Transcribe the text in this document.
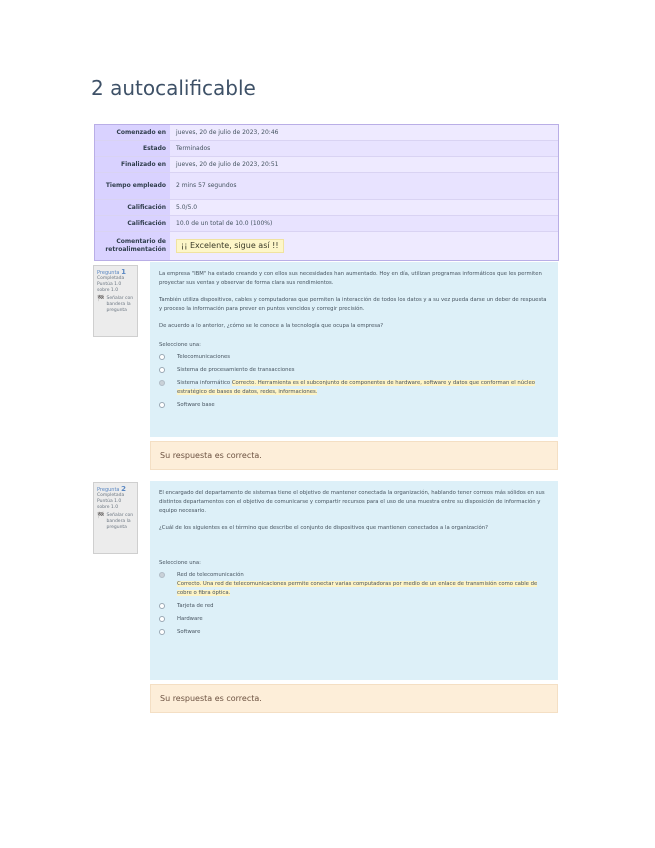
2 autocalificable
Comenzado en	jueves, 20 de julio de 2023, 20:46
Estado	Terminados
Finalizado en	jueves, 20 de julio de 2023, 20:51
Tiempo empleado	2 mins 57 segundos
Calificación	5.0/5.0
Calificación	10.0 de un total de 10.0 (100%)
Comentario de retroalimentación	¡¡ Excelente, sigue así !!
Pregunta 1
Completada
Puntúa 1.0 sobre 1.0
🏁 Señalar con bandera la pregunta

La empresa "IBM" ha estado creando y con ellos sus necesidades han aumentado. Hoy en día, utilizan programas informáticos que les permiten proyectar sus ventas y observar de forma clara sus rendimientos.

También utiliza dispositivos, cables y computadoras que permiten la interacción de todos los datos y a su vez pueda darse un deber de respuesta y proceso la información para prever en puntos vencidos y corregir precisión.

De acuerdo a lo anterior, ¿cómo se le conoce a la tecnología que ocupa la empresa?

Seleccione una:
Telecomunicaciones
Sistema de procesamiento de transacciones
Sistema informático Correcto. Herramienta es el subconjunto de componentes de hardware, software y datos que conforman el núcleo estratégico de bases de datos, redes, informaciones.
Software base
Su respuesta es correcta.
Pregunta 2
Completada
Puntúa 1.0 sobre 1.0
🏁 Señalar con bandera la pregunta

El encargado del departamento de sistemas tiene el objetivo de mantener conectada la organización, hablando tener correos más sólidos en sus distintos departamentos con el objetivo de comunicarse y compartir recursos para el uso de una muestra entre su disposición de información y equipo necesario.

¿Cuál de los siguientes es el término que describe el conjunto de dispositivos que mantienen conectados a la organización?

Seleccione una:
Red de telecomunicación
Correcto. Una red de telecomunicaciones permite conectar varias computadoras por medio de un enlace de transmisión como cable de cobre o fibra óptica.
Tarjeta de red
Hardware
Software
Su respuesta es correcta.
